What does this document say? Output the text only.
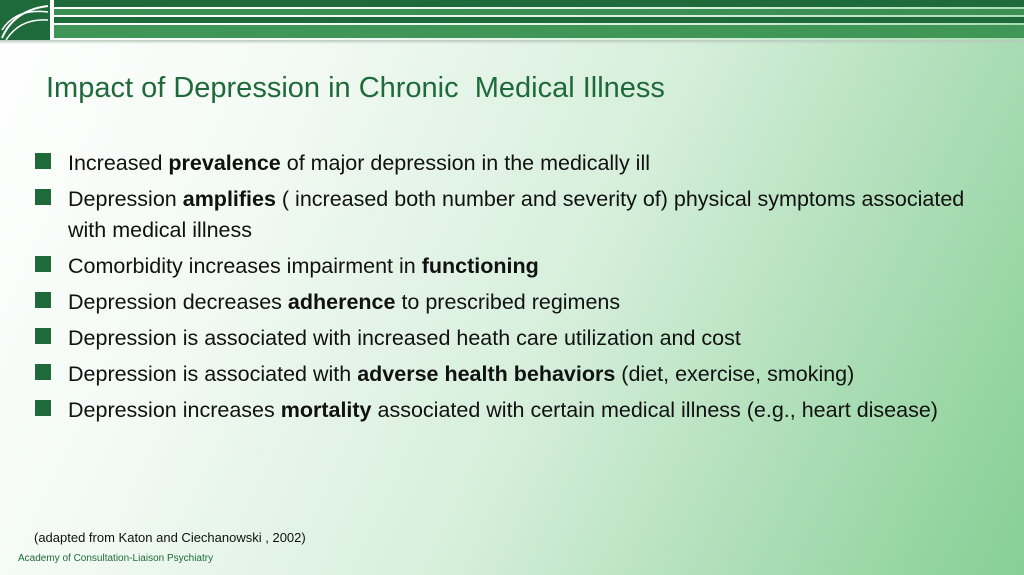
Impact of Depression in Chronic  Medical Illness
Increased prevalence of major depression in the medically ill
Depression amplifies ( increased both number and severity of) physical symptoms associated with medical illness
Comorbidity increases impairment in functioning
Depression decreases adherence to prescribed regimens
Depression is associated with increased heath care utilization and cost
Depression is associated with adverse health behaviors (diet, exercise, smoking)
Depression increases mortality associated with certain medical illness (e.g., heart disease)
(adapted from Katon and Ciechanowski , 2002)
Academy of Consultation-Liaison Psychiatry
